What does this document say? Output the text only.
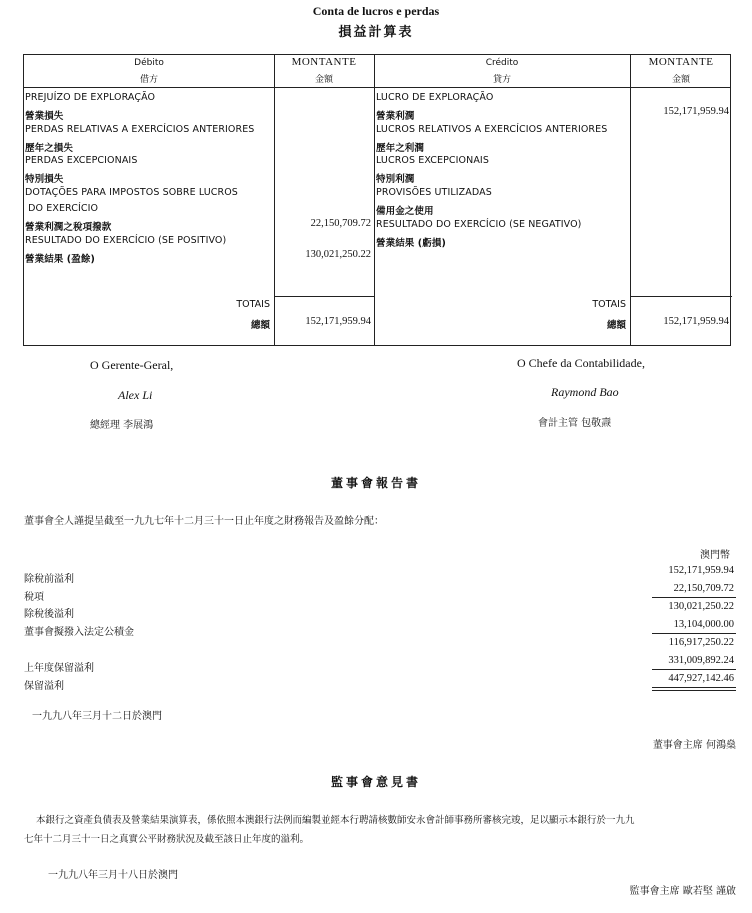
Conta de lucros e perdas
損益計算表
Débito
借方
MONTANTE
金額
Crédito
貸方
MONTANTE
金額
PREJUÍZO DE EXPLORAÇÃO
營業損失
PERDAS RELATIVAS A EXERCÍCIOS ANTERIORES
歷年之損失
PERDAS EXCEPCIONAIS
特別損失
DOTAÇÕES PARA IMPOSTOS SOBRE LUCROS
DO EXERCÍCIO
營業利潤之稅項撥款
RESULTADO DO EXERCÍCIO (SE POSITIVO)
營業結果 (盈餘)
22,150,709.72
130,021,250.22
LUCRO DE EXPLORAÇÃO
營業利潤
LUCROS RELATIVOS A EXERCÍCIOS ANTERIORES
歷年之利潤
LUCROS EXCEPCIONAIS
特別利潤
PROVISÕES UTILIZADAS
備用金之使用
RESULTADO DO EXERCÍCIO (SE NEGATIVO)
營業結果 (虧損)
152,171,959.94
TOTAIS
總額	152,171,959.94
TOTAIS
總額	152,171,959.94
O Gerente-Geral,
Alex Li
總經理 李展鴻
O Chefe da Contabilidade,
Raymond Bao
會計主管 包敬燾
董事會報告書
董事會全人謹提呈截至一九九七年十二月三十一日止年度之財務報告及盈餘分配：
澳門幣
除稅前溢利
152,171,959.94
稅項
22,150,709.72
除稅後溢利
130,021,250.22
董事會擬撥入法定公積金
13,104,000.00
116,917,250.22
上年度保留溢利
331,009,892.24
保留溢利
447,927,142.46
一九九八年三月十二日於澳門
董事會主席 何鴻燊
監事會意見書
本銀行之資產負債表及營業結果演算表，係依照本澳銀行法例而編製並經本行聘請核數師安永會計師事務所審核完竣，足以顯示本銀行於一九九
七年十二月三十一日之真實公平財務狀況及截至該日止年度的溢利。
一九九八年三月十八日於澳門
監事會主席 歐若堅 謹啟
